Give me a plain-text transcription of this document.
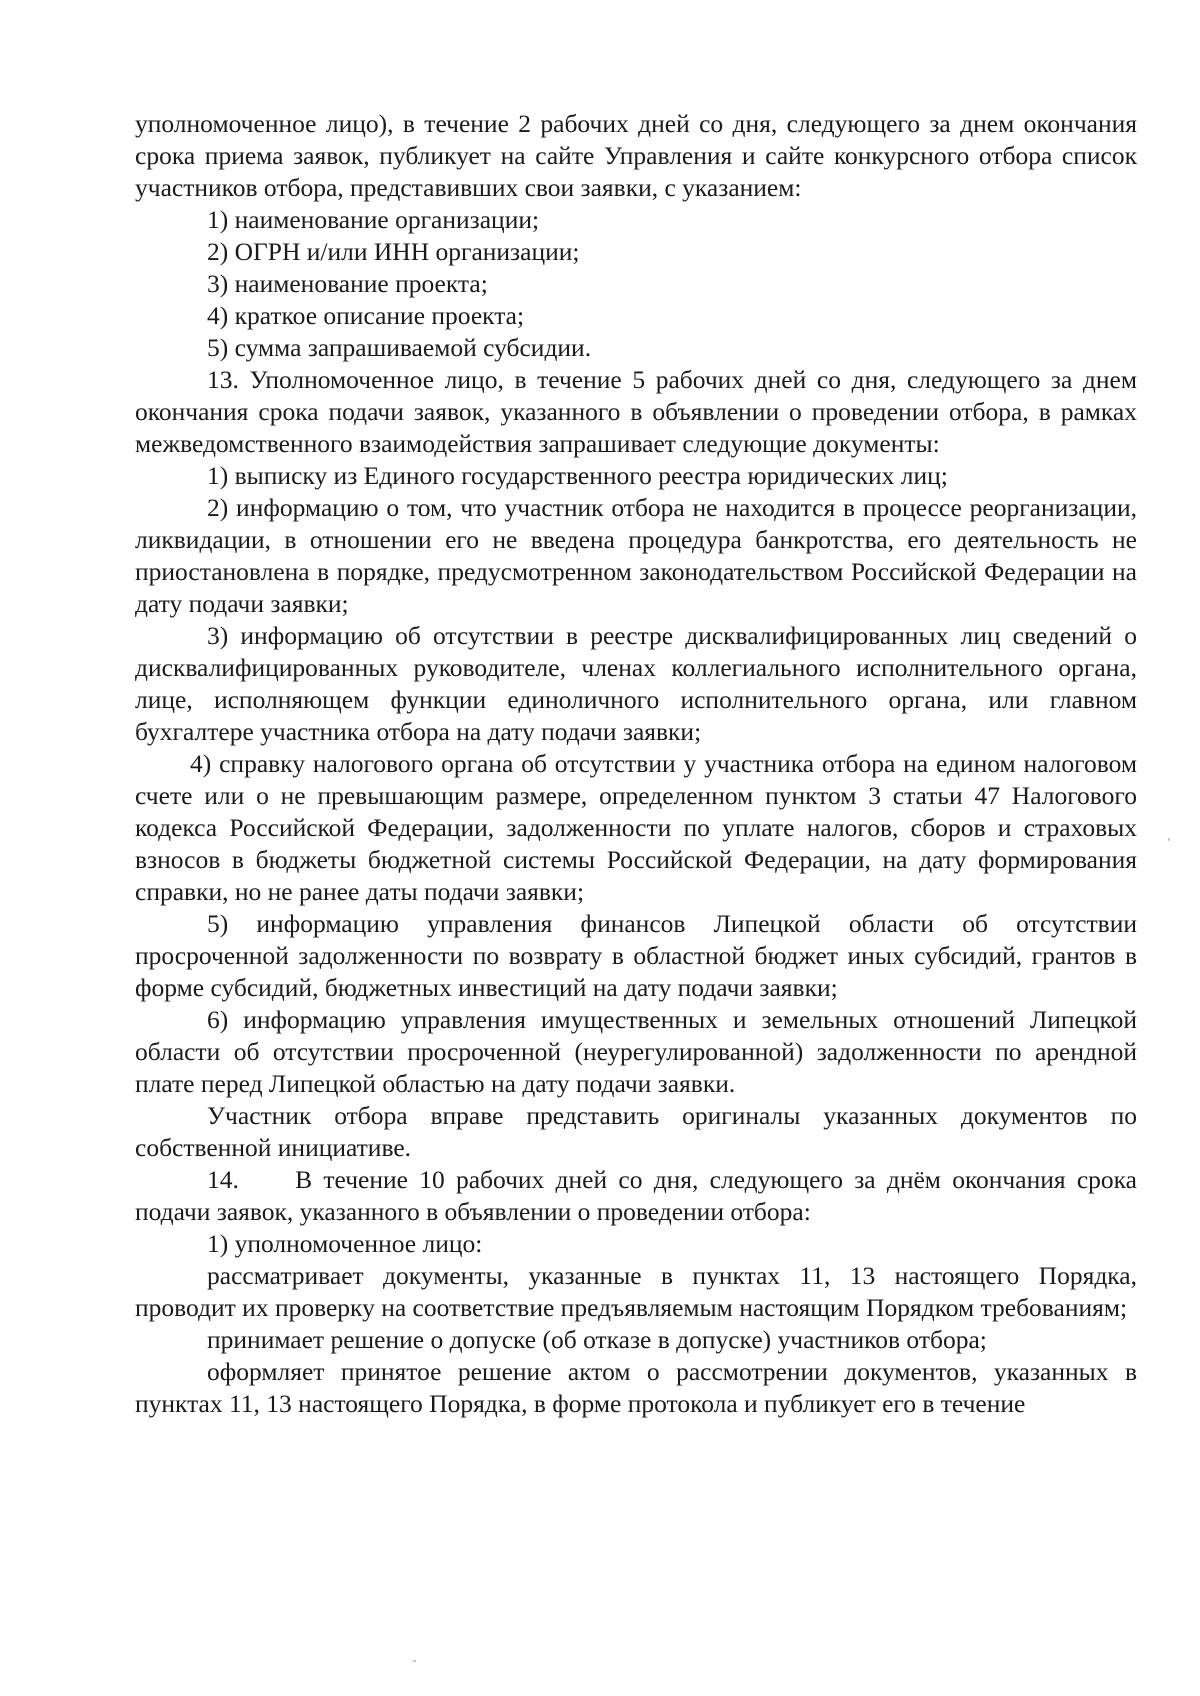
уполномоченное лицо), в течение 2 рабочих дней со дня, следующего за днем окончания срока приема заявок, публикует на сайте Управления и сайте конкурсного отбора список участников отбора, представивших свои заявки, с указанием:

1) наименование организации;

2) ОГРН и/или ИНН организации;

3) наименование проекта;

4) краткое описание проекта;

5) сумма запрашиваемой субсидии.

13. Уполномоченное лицо, в течение 5 рабочих дней со дня, следующего за днем окончания срока подачи заявок, указанного в объявлении о проведении отбора, в рамках межведомственного взаимодействия запрашивает следующие документы:

1) выписку из Единого государственного реестра юридических лиц;

2) информацию о том, что участник отбора не находится в процессе реорганизации, ликвидации, в отношении его не введена процедура банкротства, его деятельность не приостановлена в порядке, предусмотренном законодательством Российской Федерации на дату подачи заявки;

3) информацию об отсутствии в реестре дисквалифицированных лиц сведений о дисквалифицированных руководителе, членах коллегиального исполнительного органа, лице, исполняющем функции единоличного исполнительного органа, или главном бухгалтере участника отбора на дату подачи заявки;

4) справку налогового органа об отсутствии у участника отбора на едином налоговом счете или о не превышающим размере, определенном пунктом 3 статьи 47 Налогового кодекса Российской Федерации, задолженности по уплате налогов, сборов и страховых взносов в бюджеты бюджетной системы Российской Федерации, на дату формирования справки, но не ранее даты подачи заявки;

5) информацию управления финансов Липецкой области об отсутствии просроченной задолженности по возврату в областной бюджет иных субсидий, грантов в форме субсидий, бюджетных инвестиций на дату подачи заявки;

6) информацию управления имущественных и земельных отношений Липецкой области об отсутствии просроченной (неурегулированной) задолженности по арендной плате перед Липецкой областью на дату подачи заявки.

Участник отбора вправе представить оригиналы указанных документов по собственной инициативе.

14.     В течение 10 рабочих дней со дня, следующего за днём окончания срока подачи заявок, указанного в объявлении о проведении отбора:

1) уполномоченное лицо:

рассматривает документы, указанные в пунктах 11, 13 настоящего Порядка, проводит их проверку на соответствие предъявляемым настоящим Порядком требованиям;

принимает решение о допуске (об отказе в допуске) участников отбора;

оформляет принятое решение актом о рассмотрении документов, указанных в пунктах 11, 13 настоящего Порядка, в форме протокола и публикует его в течение
